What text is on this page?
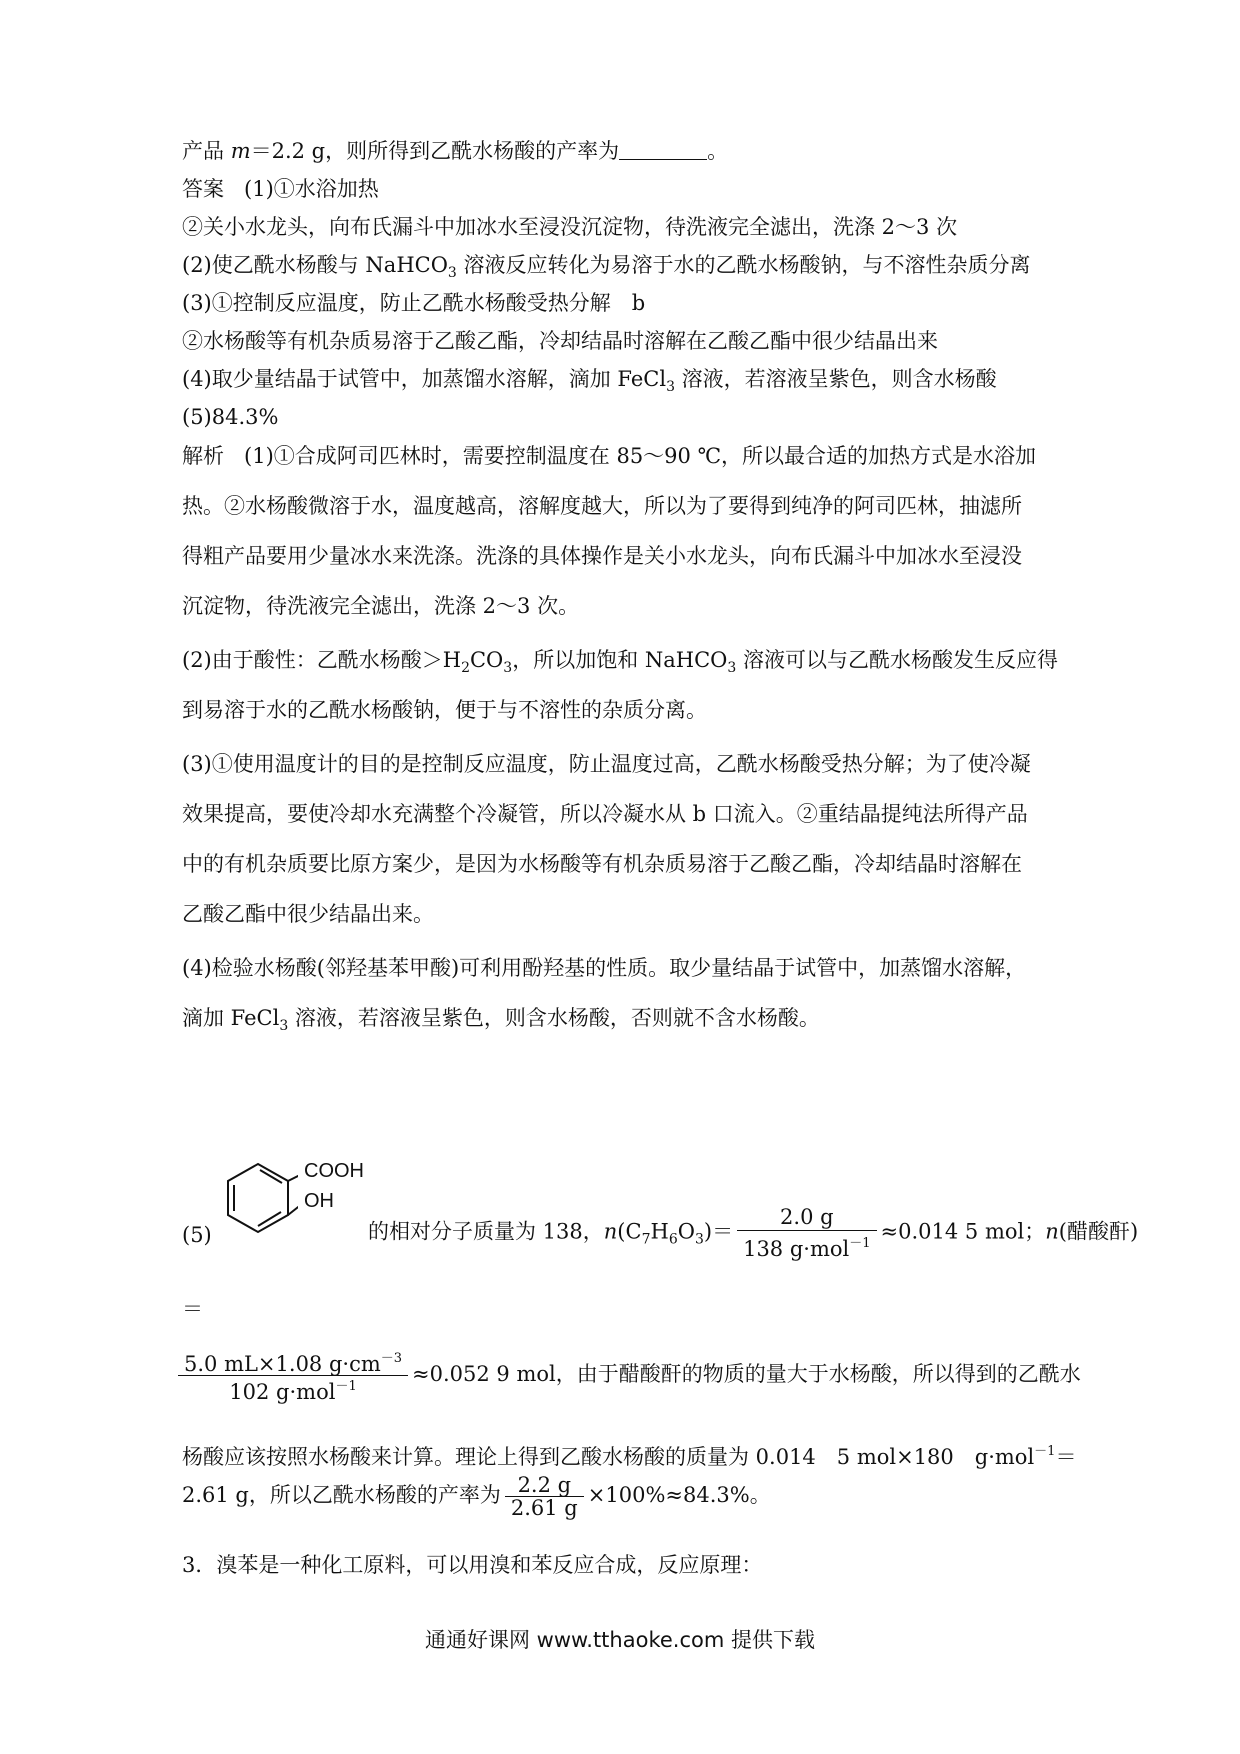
产品 m＝2.2 g，则所得到乙酰水杨酸的产率为	。
答案 (1)①水浴加热
②关小水龙头，向布氏漏斗中加冰水至浸没沉淀物，待洗液完全滤出，洗涤 2～3 次
(2)使乙酰水杨酸与 NaHCO$_3$ 溶液反应转化为易溶于水的乙酰水杨酸钠，与不溶性杂质分离
(3)①控制反应温度，防止乙酰水杨酸受热分解　b
②水杨酸等有机杂质易溶于乙酸乙酯，冷却结晶时溶解在乙酸乙酯中很少结晶出来
(4)取少量结晶于试管中，加蒸馏水溶解，滴加 FeCl$_3$ 溶液，若溶液呈紫色，则含水杨酸
(5)84.3%
解析 (1)①合成阿司匹林时，需要控制温度在 85～90 ℃，所以最合适的加热方式是水浴加
热。②水杨酸微溶于水，温度越高，溶解度越大，所以为了要得到纯净的阿司匹林，抽滤所
得粗产品要用少量冰水来洗涤。洗涤的具体操作是关小水龙头，向布氏漏斗中加冰水至浸没
沉淀物，待洗液完全滤出，洗涤 2～3 次。
(2)由于酸性：乙酰水杨酸$>H_2CO_3$，所以加饱和 NaHCO$_3$ 溶液可以与乙酰水杨酸发生反应得
到易溶于水的乙酰水杨酸钠，便于与不溶性的杂质分离。
(3)①使用温度计的目的是控制反应温度，防止温度过高，乙酰水杨酸受热分解；为了使冷凝
效果提高，要使冷却水充满整个冷凝管，所以冷凝水从 b 口流入。②重结晶提纯法所得产品
中的有机杂质要比原方案少，是因为水杨酸等有机杂质易溶于乙酸乙酯，冷却结晶时溶解在
乙酸乙酯中很少结晶出来。
(4)检验水杨酸(邻羟基苯甲酸)可利用酚羟基的性质。取少量结晶于试管中，加蒸馏水溶解，
滴加 FeCl$_3$ 溶液，若溶液呈紫色，则含水杨酸，否则就不含水杨酸。
COOH
OH
(5)	的相对分子质量为 138，$n(C_7H_6O_3)= \frac{2.0 g}{138 g\cdot mol^{-1}} \approx 0.014$ 5 mol；n(醋酸酐)
＝
$\frac{5.0 mL\times 1.08 g\cdot cm^{-3}}{102 g\cdot mol^{-1}} \approx 0.052$ 9 mol，由于醋酸酐的物质的量大于水杨酸，所以得到的乙酰水
杨酸应该按照水杨酸来计算。理论上得到乙酸水杨酸的质量为 0.014　5 mol×180　g·mol$^{-1}$＝
2.61 g，所以乙酰水杨酸的产率为 $\frac{2.2 g}{2.61 g} \times 100\%\approx 84.3\%$。
3．溴苯是一种化工原料，可以用溴和苯反应合成，反应原理：
通通好课网 www.tthaoke.com 提供下载
